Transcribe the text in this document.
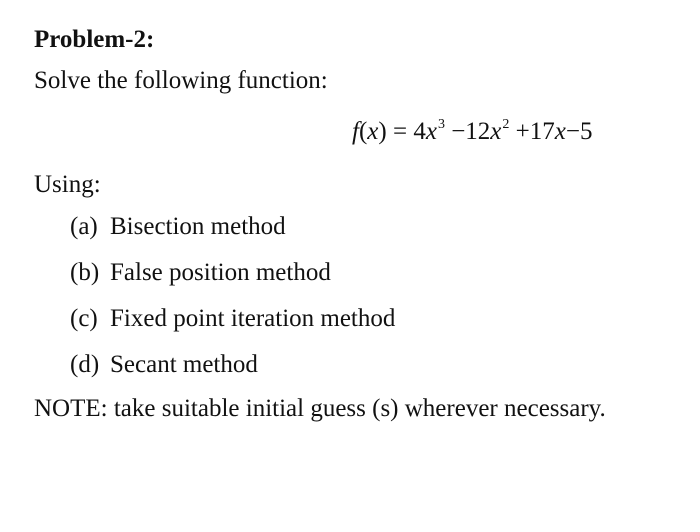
Problem-2:
Solve the following function:
$f(x) = 4x^3 -12x^2 +17x-5$
Using:
(a) Bisection method
(b) False position method
(c) Fixed point iteration method
(d) Secant method
NOTE: take suitable initial guess (s) wherever necessary.
